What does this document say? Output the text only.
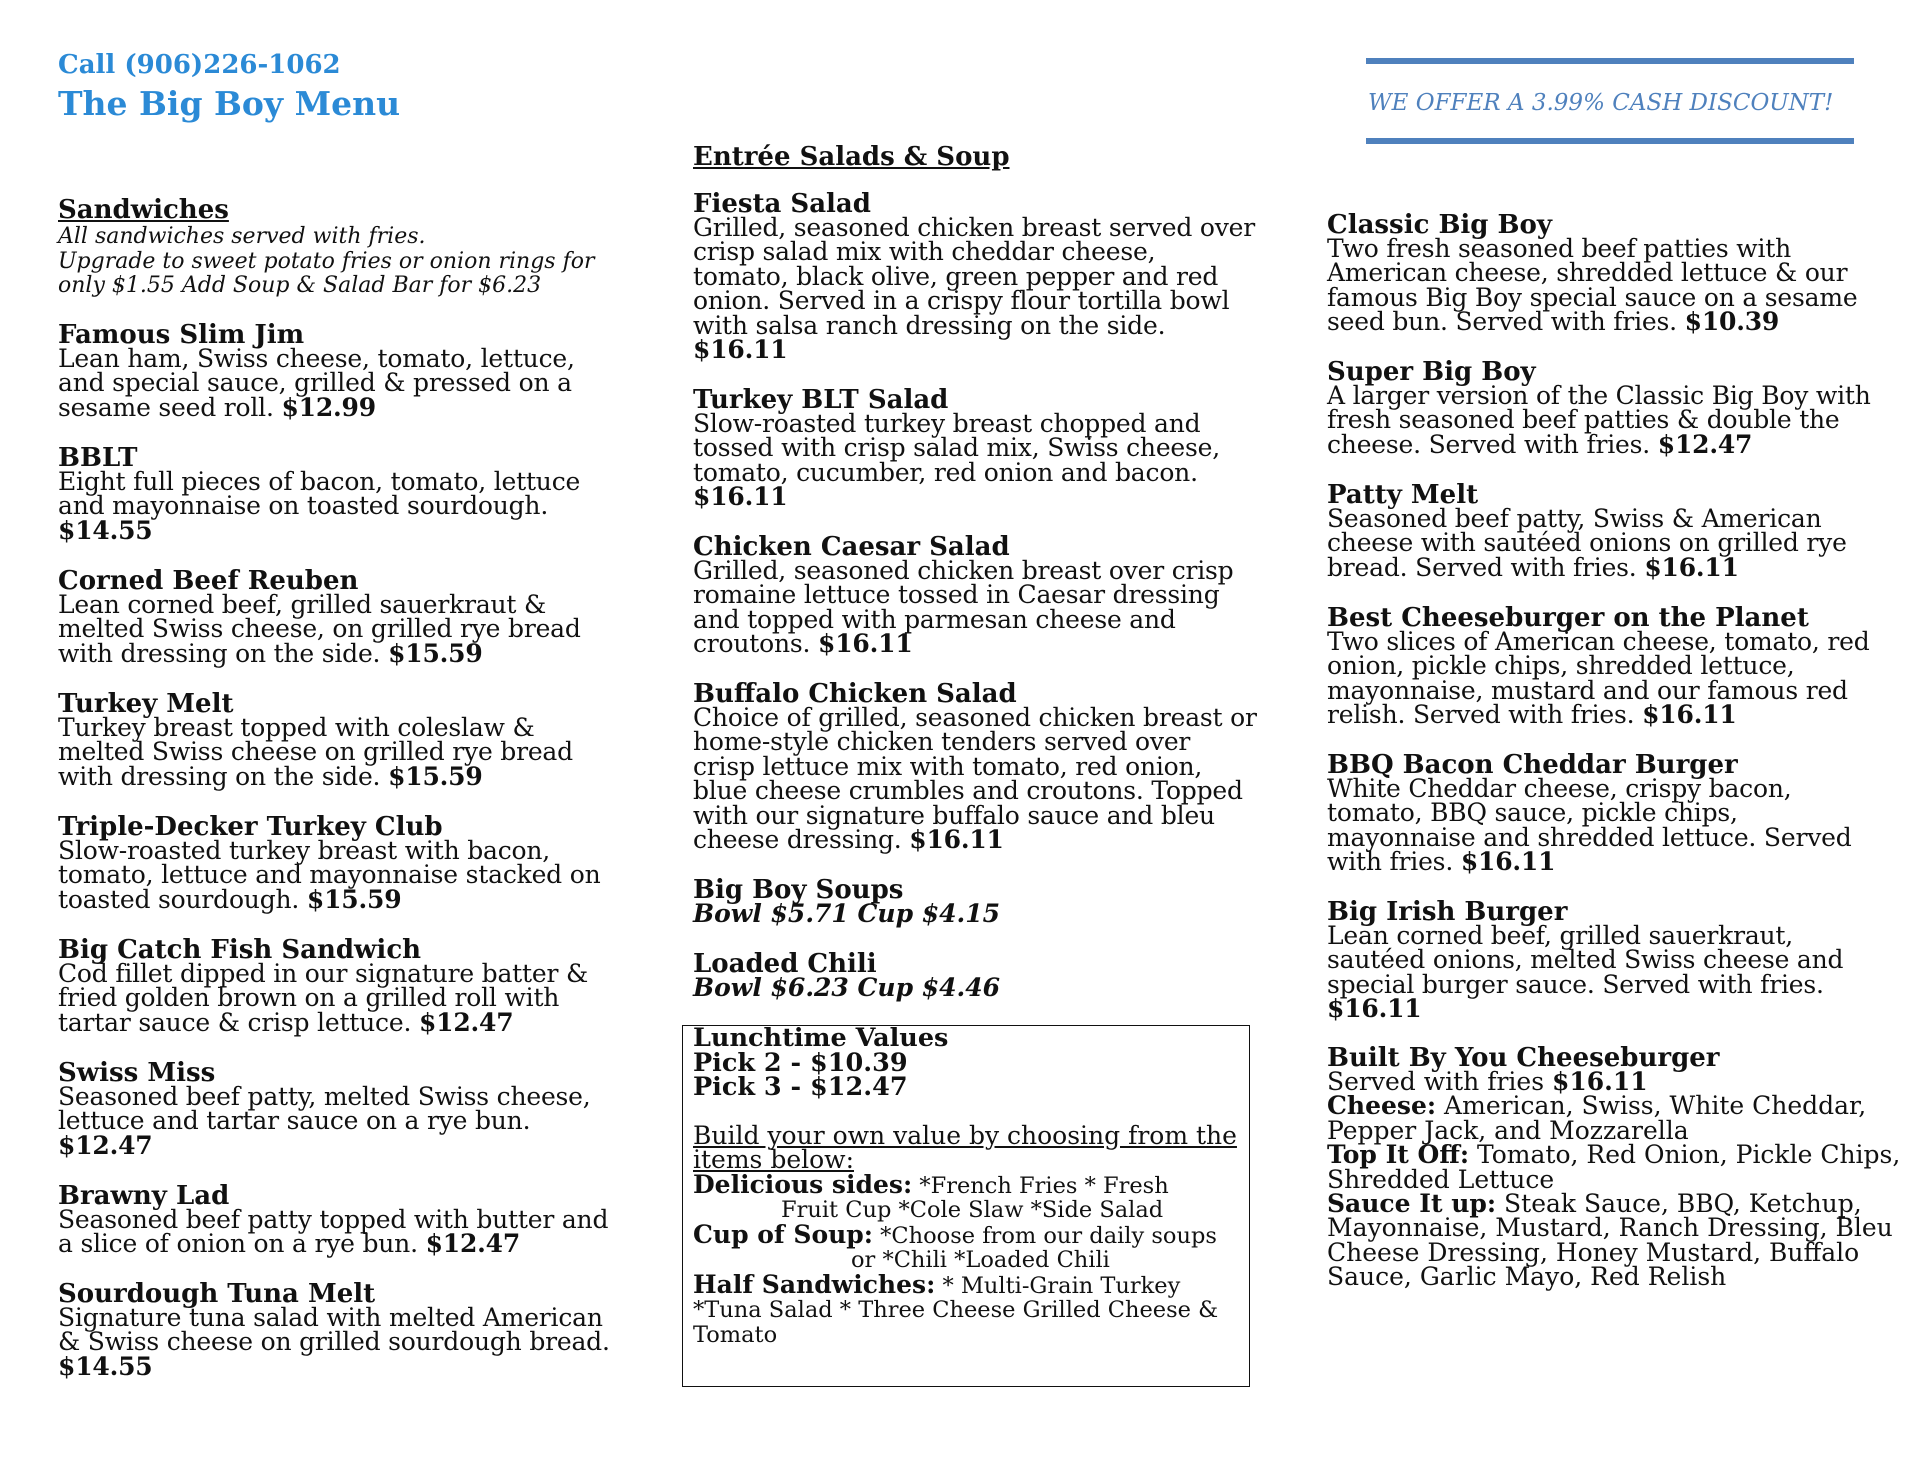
Call (906)226-1062
The Big Boy Menu	WE OFFER A 3.99% CASH DISCOUNT!
Sandwiches
All sandwiches served with fries.
Upgrade to sweet potato fries or onion rings for
only $1.55 Add Soup & Salad Bar for $6.23
Famous Slim Jim
Lean ham, Swiss cheese, tomato, lettuce, and special sauce, grilled & pressed on a sesame seed roll. $12.99
BBLT
Eight full pieces of bacon, tomato, lettuce and mayonnaise on toasted sourdough. $14.55
Corned Beef Reuben
Lean corned beef, grilled sauerkraut & melted Swiss cheese, on grilled rye bread with dressing on the side. $15.59
Turkey Melt
Turkey breast topped with coleslaw & melted Swiss cheese on grilled rye bread with dressing on the side. $15.59
Triple-Decker Turkey Club
Slow-roasted turkey breast with bacon, tomato, lettuce and mayonnaise stacked on toasted sourdough. $15.59
Big Catch Fish Sandwich
Cod fillet dipped in our signature batter & fried golden brown on a grilled roll with tartar sauce & crisp lettuce. $12.47
Swiss Miss
Seasoned beef patty, melted Swiss cheese, lettuce and tartar sauce on a rye bun. $12.47
Brawny Lad
Seasoned beef patty topped with butter and a slice of onion on a rye bun. $12.47
Sourdough Tuna Melt
Signature tuna salad with melted American & Swiss cheese on grilled sourdough bread. $14.55
Entrée Salads & Soup
Fiesta Salad
Grilled, seasoned chicken breast served over crisp salad mix with cheddar cheese, tomato, black olive, green pepper and red onion. Served in a crispy flour tortilla bowl with salsa ranch dressing on the side. $16.11
Turkey BLT Salad
Slow-roasted turkey breast chopped and tossed with crisp salad mix, Swiss cheese, tomato, cucumber, red onion and bacon. $16.11
Chicken Caesar Salad
Grilled, seasoned chicken breast over crisp romaine lettuce tossed in Caesar dressing and topped with parmesan cheese and croutons. $16.11
Buffalo Chicken Salad
Choice of grilled, seasoned chicken breast or home-style chicken tenders served over crisp lettuce mix with tomato, red onion, blue cheese crumbles and croutons. Topped with our signature buffalo sauce and bleu cheese dressing. $16.11
Big Boy Soups
Bowl $5.71 Cup $4.15
Loaded Chili
Bowl $6.23 Cup $4.46
Lunchtime Values
Pick 2 - $10.39
Pick 3 - $12.47
Build your own value by choosing from the items below:
Delicious sides: *French Fries * Fresh
Fruit Cup *Cole Slaw *Side Salad
Cup of Soup: *Choose from our daily soups
or *Chili *Loaded Chili
Half Sandwiches: * Multi-Grain Turkey
*Tuna Salad * Three Cheese Grilled Cheese &
Tomato
Classic Big Boy
Two fresh seasoned beef patties with American cheese, shredded lettuce & our famous Big Boy special sauce on a sesame seed bun. Served with fries. $10.39
Super Big Boy
A larger version of the Classic Big Boy with fresh seasoned beef patties & double the cheese. Served with fries. $12.47
Patty Melt
Seasoned beef patty, Swiss & American cheese with sautéed onions on grilled rye bread. Served with fries. $16.11
Best Cheeseburger on the Planet
Two slices of American cheese, tomato, red onion, pickle chips, shredded lettuce, mayonnaise, mustard and our famous red relish. Served with fries. $16.11
BBQ Bacon Cheddar Burger
White Cheddar cheese, crispy bacon, tomato, BBQ sauce, pickle chips, mayonnaise and shredded lettuce. Served with fries. $16.11
Big Irish Burger
Lean corned beef, grilled sauerkraut, sautéed onions, melted Swiss cheese and special burger sauce. Served with fries. $16.11
Built By You Cheeseburger
Served with fries $16.11
Cheese: American, Swiss, White Cheddar, Pepper Jack, and Mozzarella
Top It Off: Tomato, Red Onion, Pickle Chips, Shredded Lettuce
Sauce It up: Steak Sauce, BBQ, Ketchup, Mayonnaise, Mustard, Ranch Dressing, Bleu Cheese Dressing, Honey Mustard, Buffalo Sauce, Garlic Mayo, Red Relish
